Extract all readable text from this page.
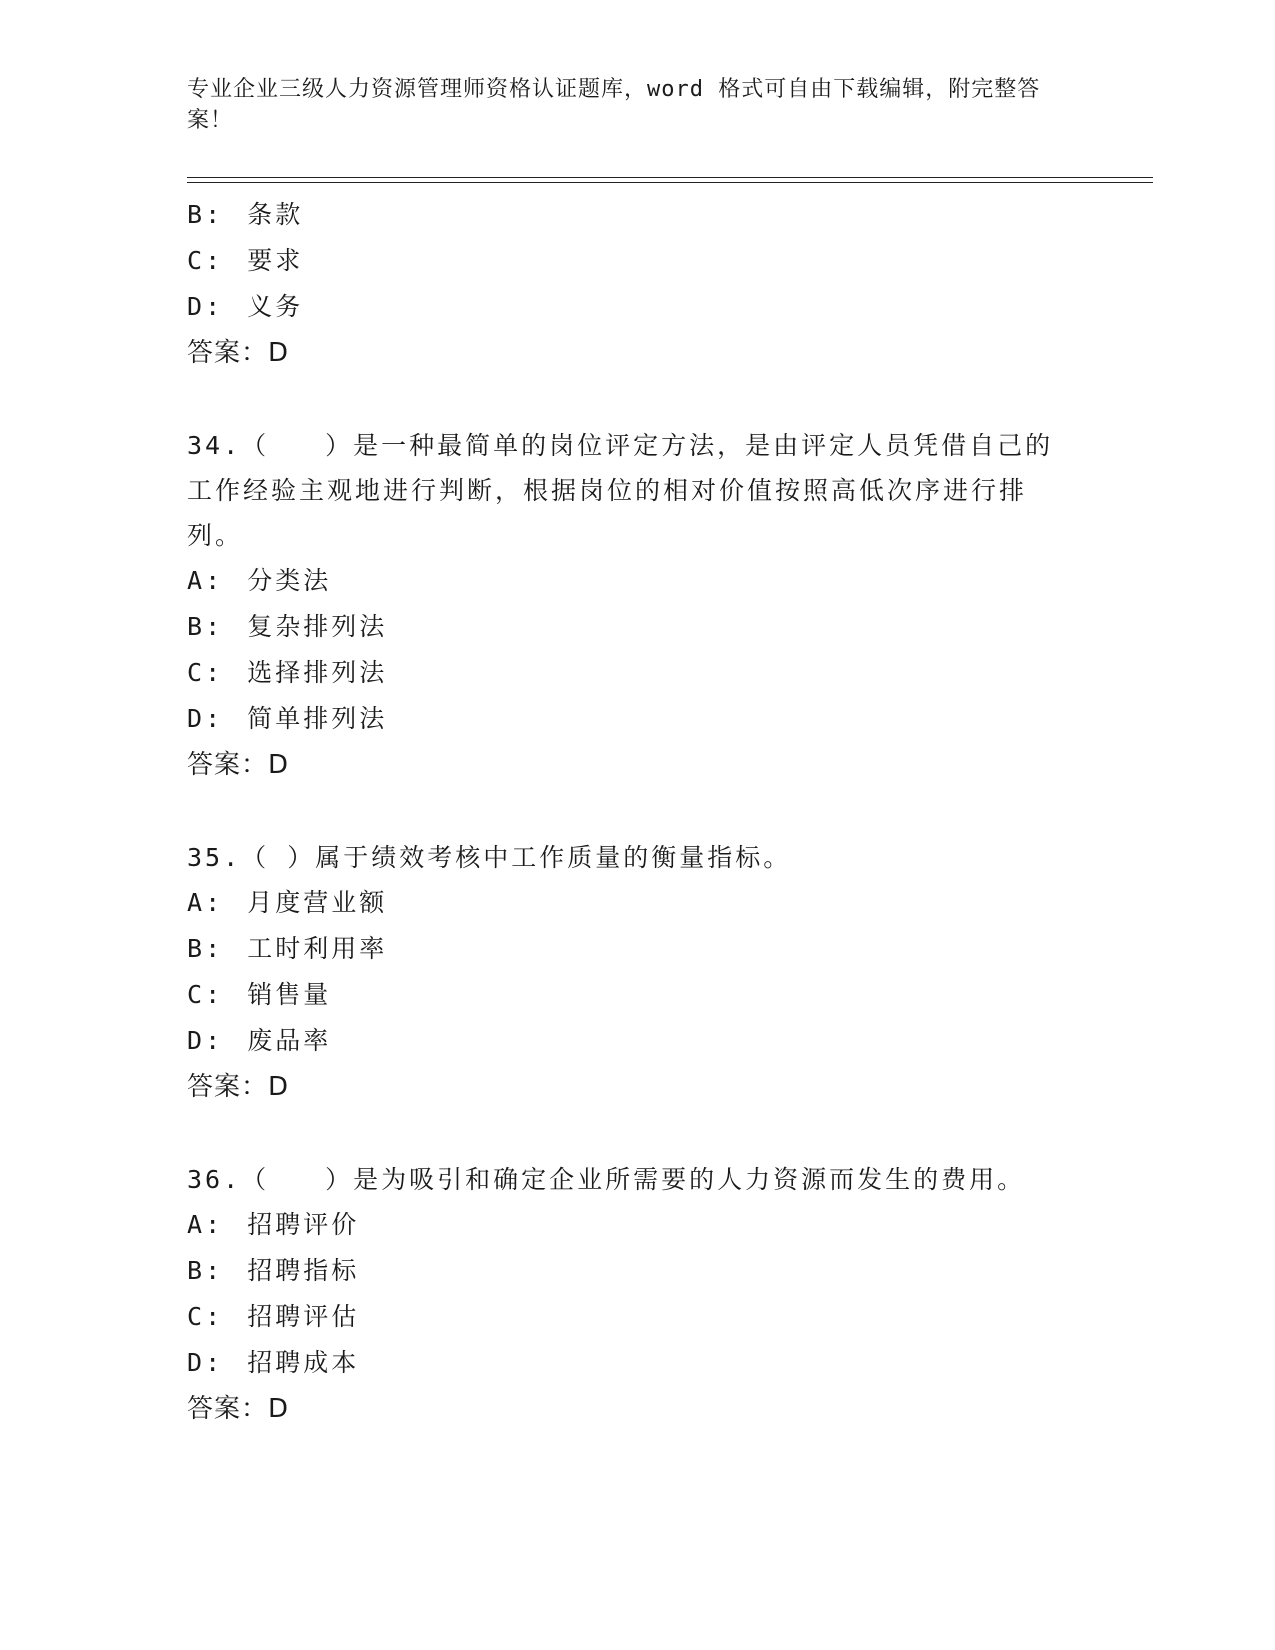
专业企业三级人力资源管理师资格认证题库，word 格式可自由下载编辑，附完整答案！
B: 条款
C: 要求
D: 义务
答案：D
34.（　　）是一种最简单的岗位评定方法，是由评定人员凭借自己的工作经验主观地进行判断，根据岗位的相对价值按照高低次序进行排列。
A: 分类法
B: 复杂排列法
C: 选择排列法
D: 简单排列法
答案：D
35.（ ）属于绩效考核中工作质量的衡量指标。
A: 月度营业额
B: 工时利用率
C: 销售量
D: 废品率
答案：D
36.（　　）是为吸引和确定企业所需要的人力资源而发生的费用。
A: 招聘评价
B: 招聘指标
C: 招聘评估
D: 招聘成本
答案：D
